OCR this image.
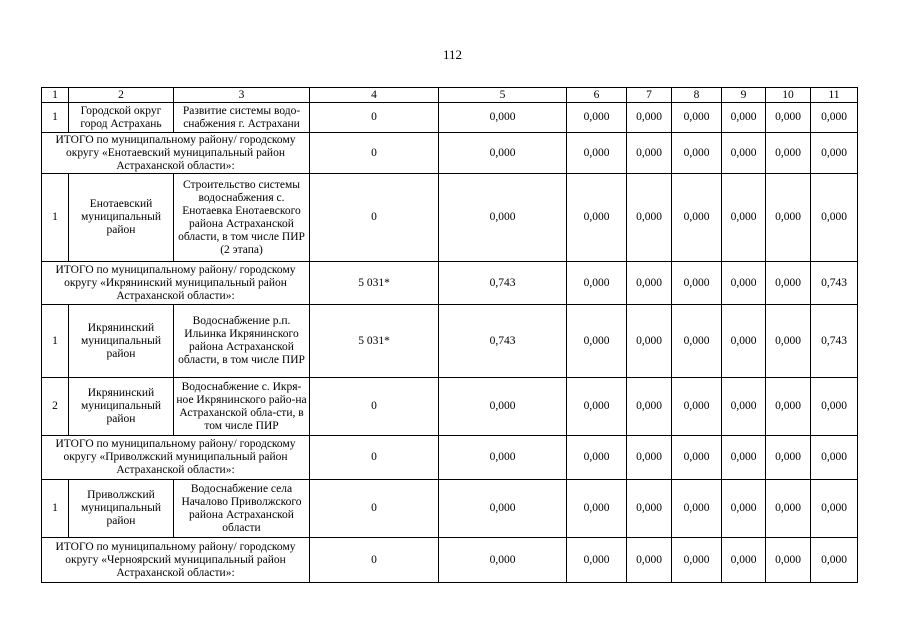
112
1	2	3	4	5	6	7	8	9	10	11
1	Городской округ город Астрахань	Развитие системы водо-снабжения г. Астрахани	0	0,000	0,000	0,000	0,000	0,000	0,000	0,000
ИТОГО по муниципальному району/ городскому округу «Енотаевский муниципальный район Астраханской области»:			0	0,000	0,000	0,000	0,000	0,000	0,000	0,000
1	Енотаевский муниципальный район	Строительство системы водоснабжения с. Енотаевка Енотаевского района Астраханской области, в том числе ПИР (2 этапа)	0	0,000	0,000	0,000	0,000	0,000	0,000	0,000
ИТОГО по муниципальному району/ городскому округу «Икрянинский муниципальный район Астраханской области»:			5 031*	0,743	0,000	0,000	0,000	0,000	0,000	0,743
1	Икрянинский муниципальный район	Водоснабжение р.п. Ильинка Икрянинского района Астраханской области, в том числе ПИР	5 031*	0,743	0,000	0,000	0,000	0,000	0,000	0,743
2	Икрянинский муниципальный район	Водоснабжение с. Икря-ное Икрянинского райо-на Астраханской обла-сти, в том числе ПИР	0	0,000	0,000	0,000	0,000	0,000	0,000	0,000
ИТОГО по муниципальному району/ городскому округу «Приволжский муниципальный район Астраханской области»:			0	0,000	0,000	0,000	0,000	0,000	0,000	0,000
1	Приволжский муниципальный район	Водоснабжение села Началово Приволжского района Астраханской области	0	0,000	0,000	0,000	0,000	0,000	0,000	0,000
ИТОГО по муниципальному району/ городскому округу «Черноярский муниципальный район Астраханской области»:			0	0,000	0,000	0,000	0,000	0,000	0,000	0,000
